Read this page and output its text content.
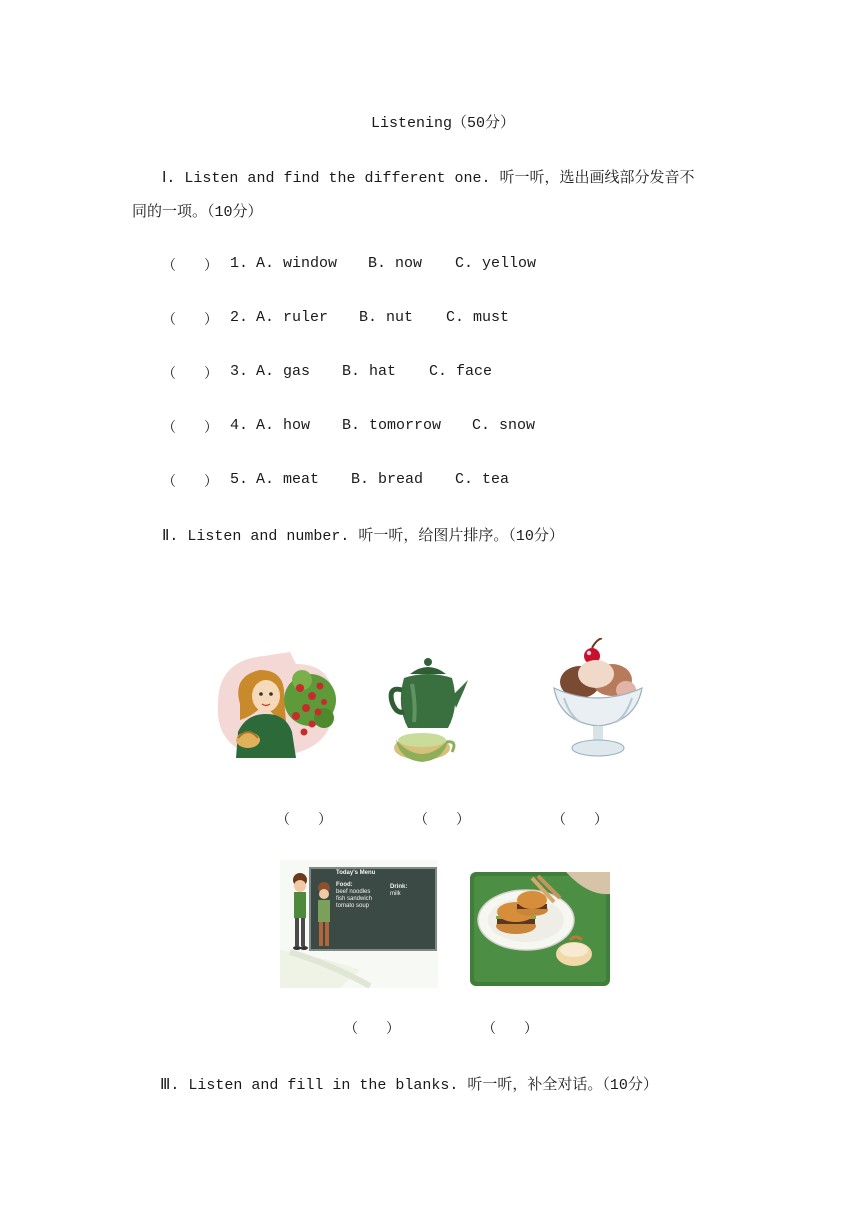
Listening（50分）
Ⅰ. Listen and find the different one. 听一听，选出画线部分发音不
同的一项。（10分）
（　　） 1. A. window B. now C. yellow
（　　） 2. A. ruler B. nut C. must
（　　） 3. A. gas B. hat C. face
（　　） 4. A. how B. tomorrow C. snow
（　　） 5. A. meat B. bread C. tea
Ⅱ. Listen and number. 听一听，给图片排序。（10分）
（　　）	（　　）	（　　）
Today's Menu
Food:
beef noodles
fish sandwich
tomato soup
Drink:
milk
（　　）	（　　）
Ⅲ. Listen and fill in the blanks. 听一听，补全对话。（10分）
